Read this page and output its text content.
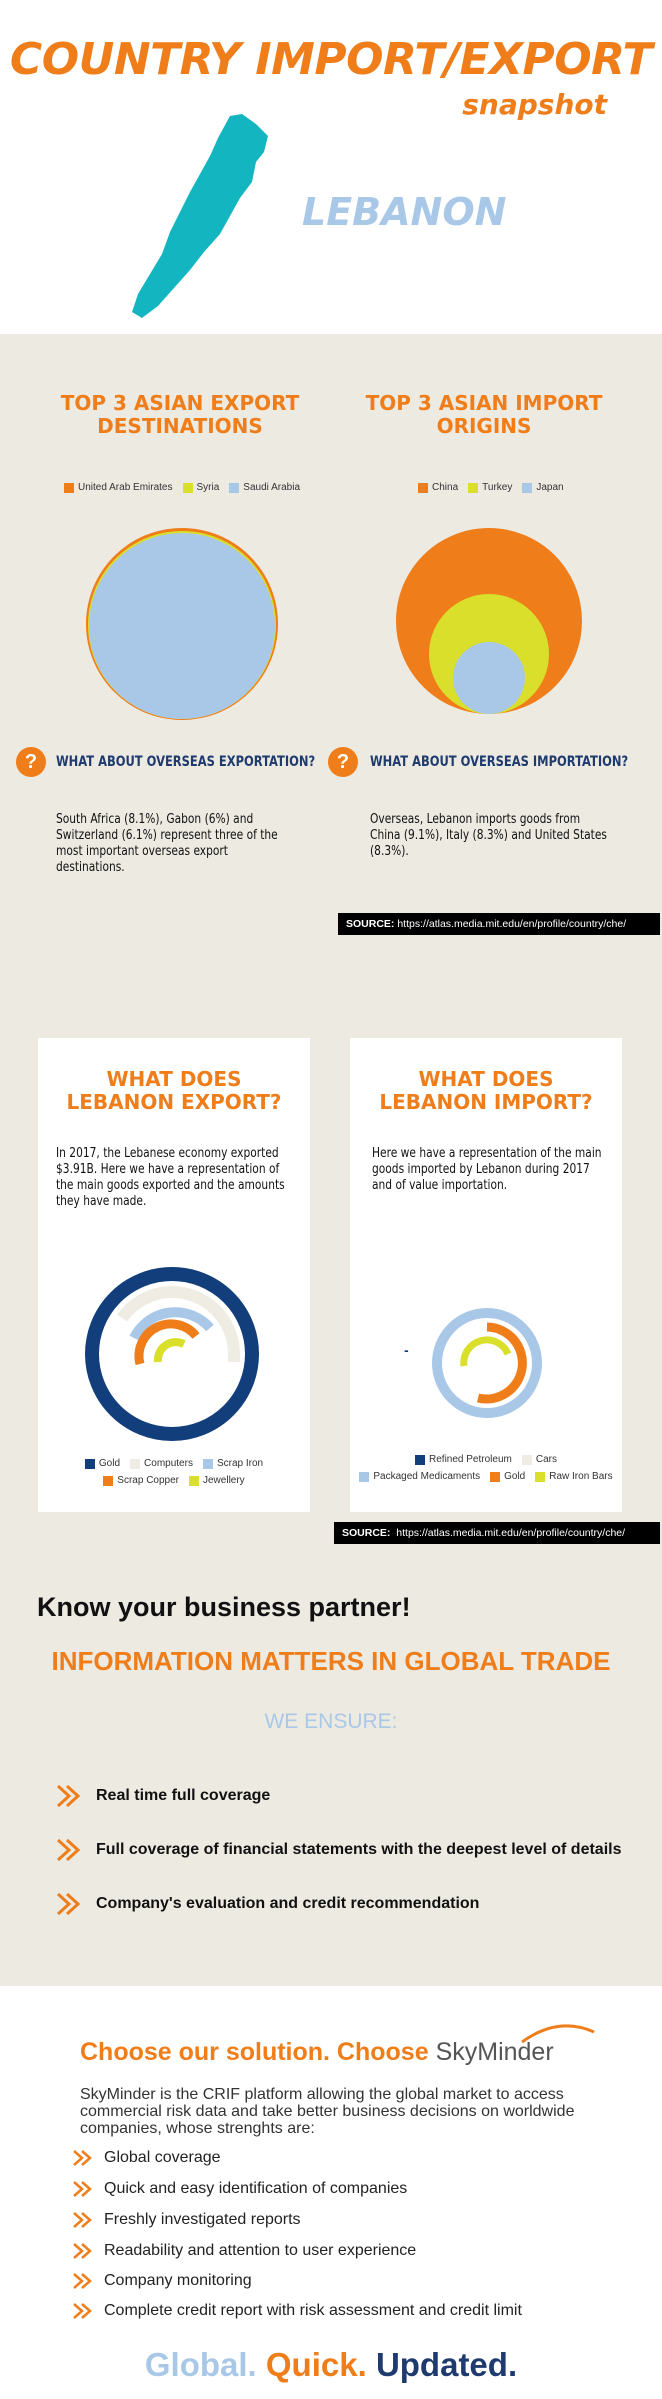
COUNTRY IMPORT/EXPORT
snapshot
LEBANON
TOP 3 ASIAN EXPORT
DESTINATIONS
TOP 3 ASIAN IMPORT
ORIGINS
United Arab Emirates Syria Saudi Arabia	China Turkey Japan
?	WHAT ABOUT OVERSEAS EXPORTATION?	?	WHAT ABOUT OVERSEAS IMPORTATION?
South Africa (8.1%), Gabon (6%) and Switzerland (6.1%) represent three of the most important overseas export destinations.
Overseas, Lebanon imports goods from China (9.1%), Italy (8.3%) and United States (8.3%).
SOURCE: https://atlas.media.mit.edu/en/profile/country/che/
WHAT DOES
LEBANON EXPORT?
In 2017, the Lebanese economy exported $3.91B. Here we have a representation of the main goods exported and the amounts they have made.
Gold Computers Scrap Iron
Scrap Copper Jewellery
WHAT DOES
LEBANON IMPORT?
Here we have a representation of the main goods imported by Lebanon during 2017 and of value importation.
-
Refined Petroleum Cars
Packaged Medicaments Gold Raw Iron Bars
SOURCE: https://atlas.media.mit.edu/en/profile/country/che/
Know your business partner!
INFORMATION MATTERS IN GLOBAL TRADE
WE ENSURE:
Real time full coverage
Full coverage of financial statements with the deepest level of details
Company's evaluation and credit recommendation
Choose our solution. Choose SkyMinder
SkyMinder is the CRIF platform allowing the global market to access commercial risk data and take better business decisions on worldwide companies, whose strenghts are:
Global coverage
Quick and easy identification of companies
Freshly investigated reports
Readability and attention to user experience
Company monitoring
Complete credit report with risk assessment and credit limit
Global. Quick. Updated.
